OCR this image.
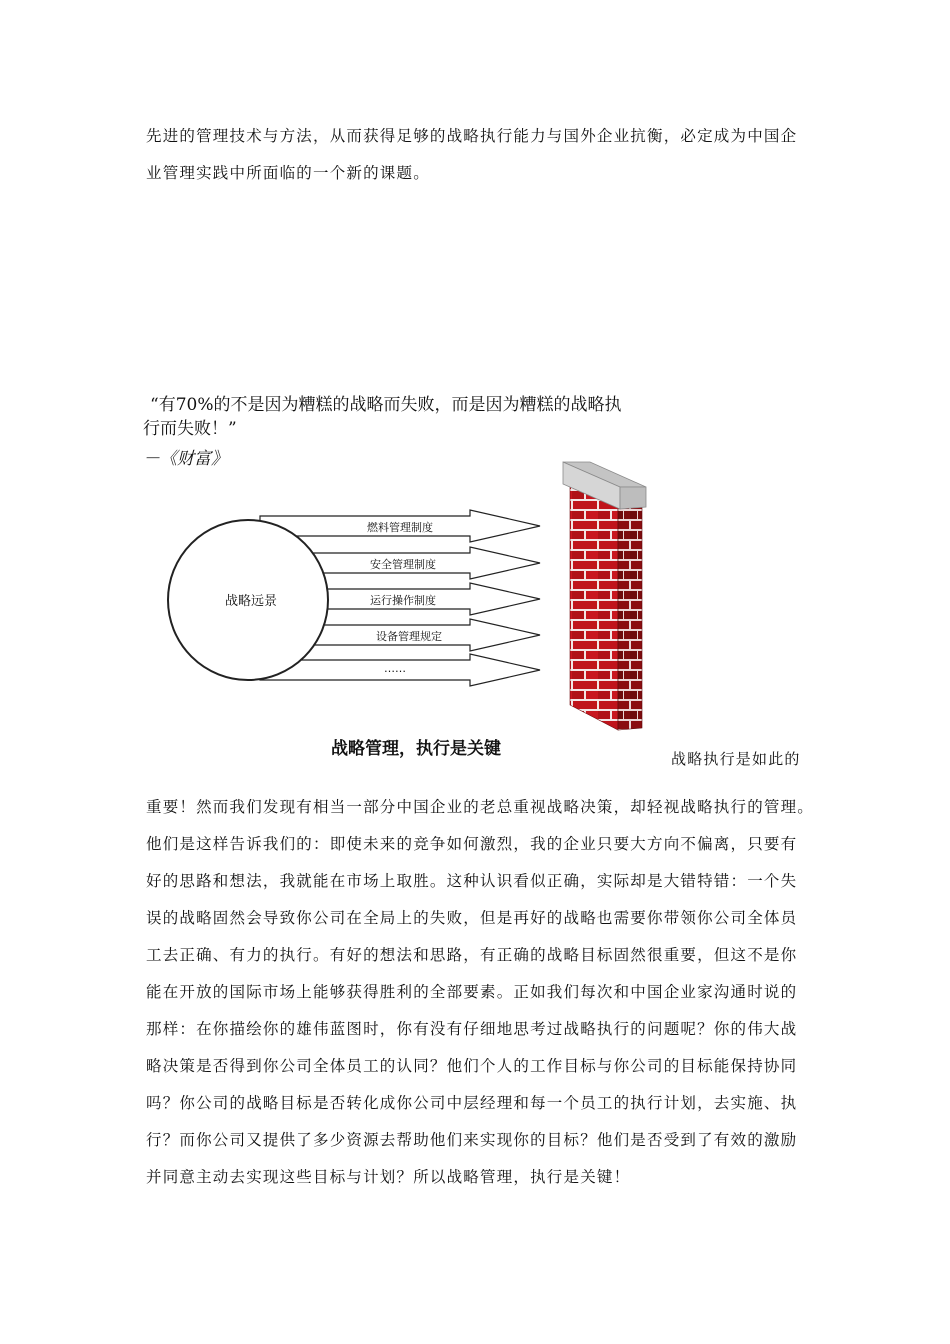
先进的管理技术与方法，从而获得足够的战略执行能力与国外企业抗衡，必定成为中国企
业管理实践中所面临的一个新的课题。
“有70%的不是因为糟糕的战略而失败，而是因为糟糕的战略执
行而失败！”
－《财富》
战略远景
燃料管理制度
安全管理制度
运行操作制度
设备管理规定
……
战略管理，执行是关键	战略执行是如此的
重要！然而我们发现有相当一部分中国企业的老总重视战略决策，却轻视战略执行的管理。
他们是这样告诉我们的：即使未来的竞争如何激烈，我的企业只要大方向不偏离，只要有
好的思路和想法，我就能在市场上取胜。这种认识看似正确，实际却是大错特错：一个失
误的战略固然会导致你公司在全局上的失败，但是再好的战略也需要你带领你公司全体员
工去正确、有力的执行。有好的想法和思路，有正确的战略目标固然很重要，但这不是你
能在开放的国际市场上能够获得胜利的全部要素。正如我们每次和中国企业家沟通时说的
那样：在你描绘你的雄伟蓝图时，你有没有仔细地思考过战略执行的问题呢？你的伟大战
略决策是否得到你公司全体员工的认同？他们个人的工作目标与你公司的目标能保持协同
吗？你公司的战略目标是否转化成你公司中层经理和每一个员工的执行计划，去实施、执
行？而你公司又提供了多少资源去帮助他们来实现你的目标？他们是否受到了有效的激励
并同意主动去实现这些目标与计划？所以战略管理，执行是关键！
